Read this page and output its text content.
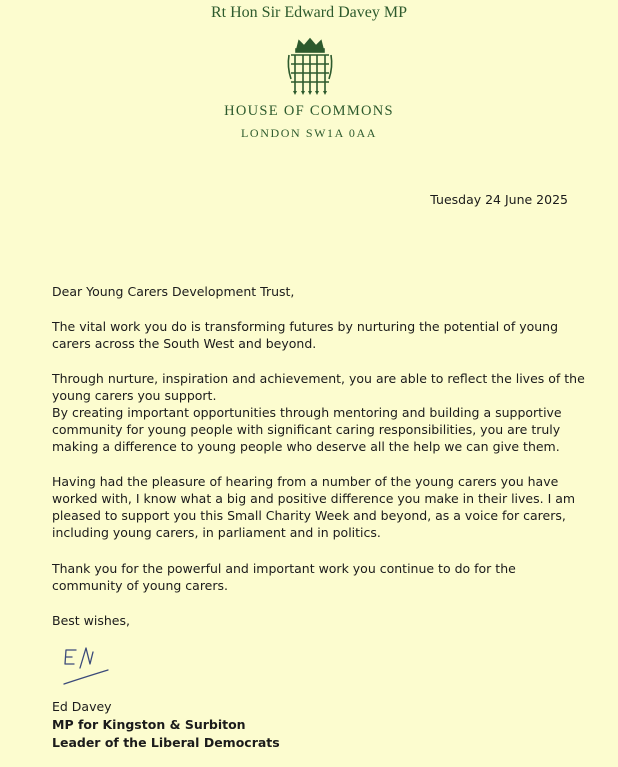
Rt Hon Sir Edward Davey MP
HOUSE OF COMMONS
LONDON SW1A 0AA
Tuesday 24 June 2025

Dear Young Carers Development Trust,

The vital work you do is transforming futures by nurturing the potential of young carers across the South West and beyond.

Through nurture, inspiration and achievement, you are able to reflect the lives of the young carers you support.
By creating important opportunities through mentoring and building a supportive community for young people with significant caring responsibilities, you are truly making a difference to young people who deserve all the help we can give them.

Having had the pleasure of hearing from a number of the young carers you have worked with, I know what a big and positive difference you make in their lives. I am pleased to support you this Small Charity Week and beyond, as a voice for carers, including young carers, in parliament and in politics.

Thank you for the powerful and important work you continue to do for the community of young carers.

Best wishes,

Ed Davey
MP for Kingston & Surbiton
Leader of the Liberal Democrats
